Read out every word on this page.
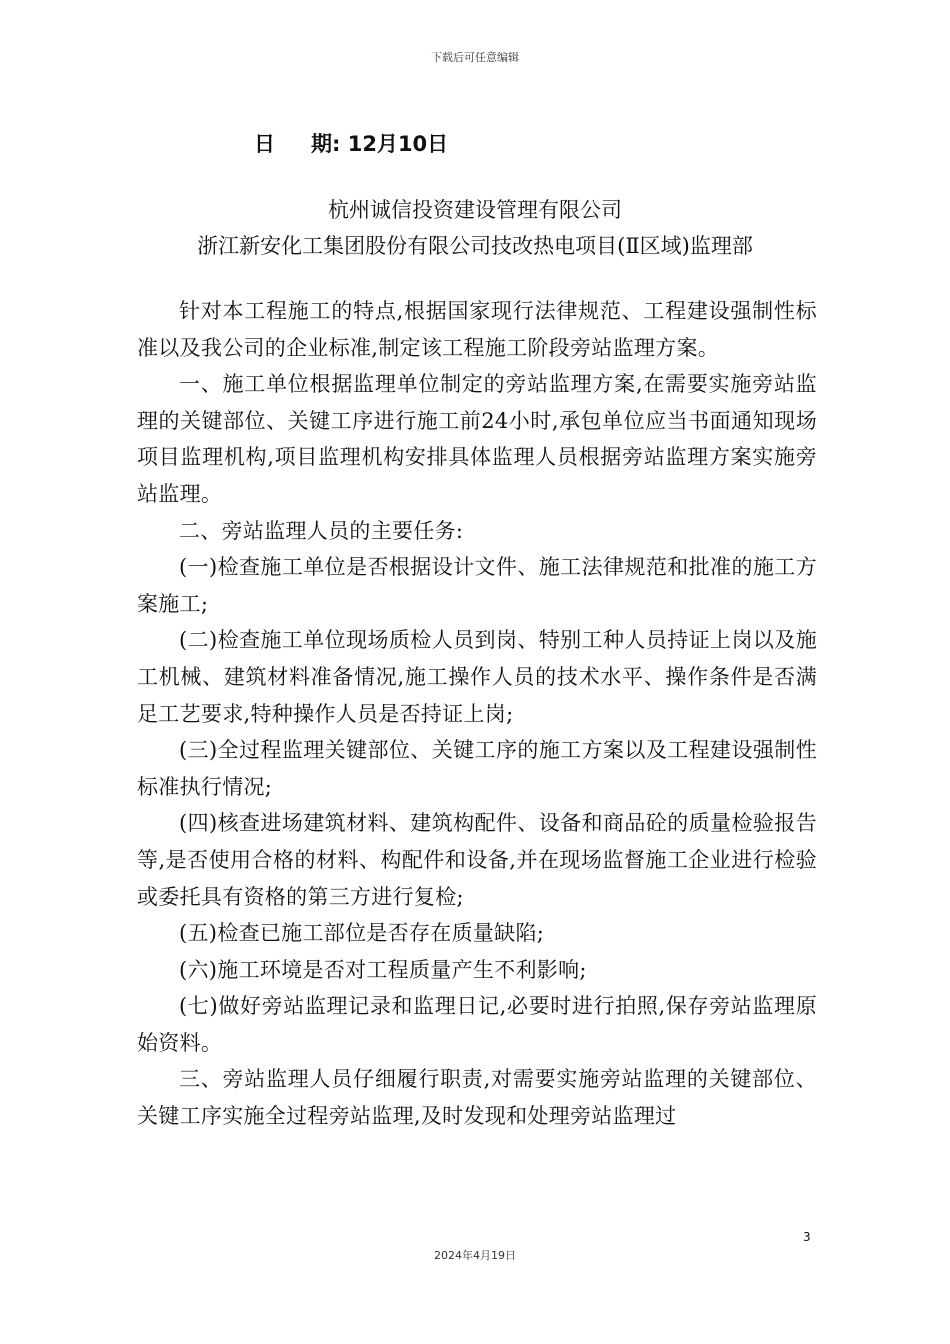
下载后可任意编辑
日 期: 12月10日
杭州诚信投资建设管理有限公司
浙江新安化工集团股份有限公司技改热电项目(Ⅱ区域)监理部

针对本工程施工的特点,根据国家现行法律规范、工程建设强制性标准以及我公司的企业标准,制定该工程施工阶段旁站监理方案。

一、施工单位根据监理单位制定的旁站监理方案,在需要实施旁站监理的关键部位、关键工序进行施工前24小时,承包单位应当书面通知现场项目监理机构,项目监理机构安排具体监理人员根据旁站监理方案实施旁站监理。

二、旁站监理人员的主要任务:

(一)检查施工单位是否根据设计文件、施工法律规范和批准的施工方案施工;

(二)检查施工单位现场质检人员到岗、特别工种人员持证上岗以及施工机械、建筑材料准备情况,施工操作人员的技术水平、操作条件是否满足工艺要求,特种操作人员是否持证上岗;

(三)全过程监理关键部位、关键工序的施工方案以及工程建设强制性标准执行情况;

(四)核查进场建筑材料、建筑构配件、设备和商品砼的质量检验报告等,是否使用合格的材料、构配件和设备,并在现场监督施工企业进行检验或委托具有资格的第三方进行复检;

(五)检查已施工部位是否存在质量缺陷;

(六)施工环境是否对工程质量产生不利影响;

(七)做好旁站监理记录和监理日记,必要时进行拍照,保存旁站监理原始资料。

三、旁站监理人员仔细履行职责,对需要实施旁站监理的关键部位、关键工序实施全过程旁站监理,及时发现和处理旁站监理过

3
2024年4月19日
